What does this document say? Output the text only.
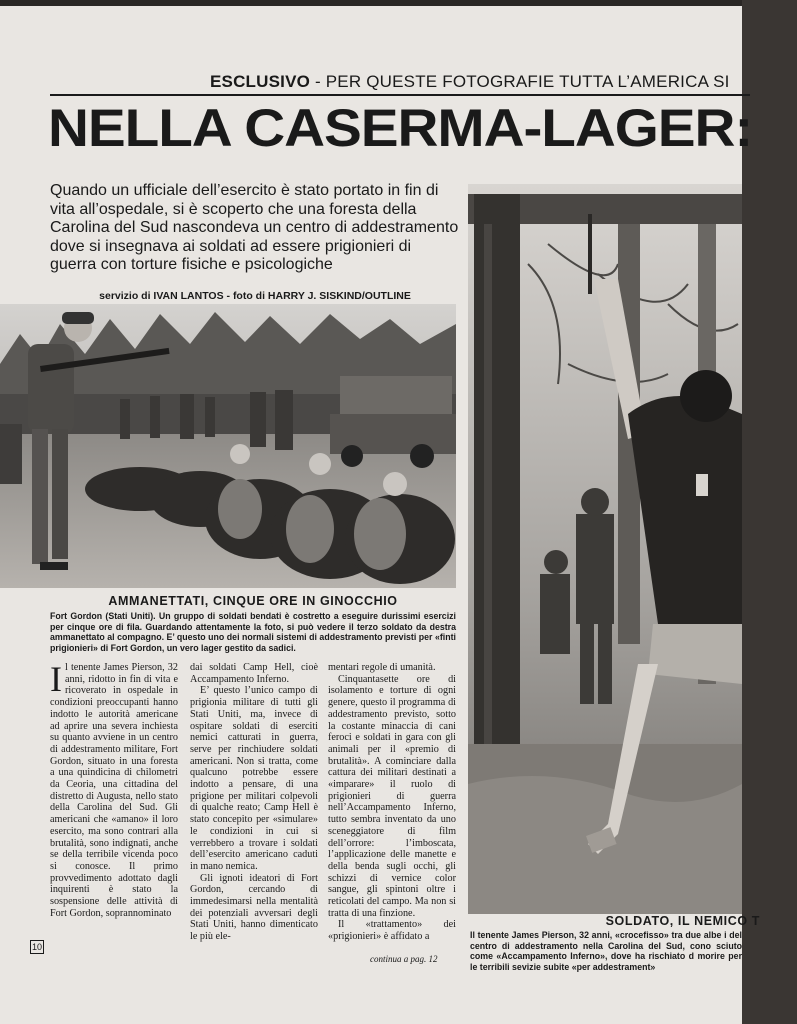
ESCLUSIVO - PER QUESTE FOTOGRAFIE TUTTA L’AMERICA SI
NELLA CASERMA-LAGER:

Quando un ufficiale dell’esercito è stato portato in fin di vita all’ospedale, si è scoperto che una foresta della Carolina del Sud nascondeva un centro di addestramento dove si insegnava ai soldati ad essere prigionieri di guerra con torture fisiche e psicologiche

servizio di IVAN LANTOS - foto di HARRY J. SISKIND/OUTLINE
AMMANETTATI, CINQUE ORE IN GINOCCHIO

Fort Gordon (Stati Uniti). Un gruppo di soldati bendati è costretto a eseguire durissimi esercizi per cinque ore di fila. Guardando attentamente la foto, si può vedere il terzo soldato da destra ammanettato al compagno. E’ questo uno dei normali sistemi di addestramento previsti per «finti prigionieri» di Fort Gordon, un vero lager gestito da sadici.

Il tenente James Pierson, 32 anni, ridotto in fin di vita e ricoverato in ospedale in condizioni preoccupanti hanno indotto le autorità americane ad aprire una severa inchiesta su quanto avviene in un centro di addestramento militare, Fort Gordon, situato in una foresta a una quindicina di chilometri da Ceoria, una cittadina del distretto di Augusta, nello stato della Carolina del Sud. Gli americani che «amano» il loro esercito, ma sono contrari alla brutalità, sono indignati, anche se della terribile vicenda poco si conosce. Il primo provvedimento adottato dagli inquirenti è stato la sospensione delle attività di Fort Gordon, soprannominato

dai soldati Camp Hell, cioè Accampamento Inferno.

E’ questo l’unico campo di prigionia militare di tutti gli Stati Uniti, ma, invece di ospitare soldati di eserciti nemici catturati in guerra, serve per rinchiudere soldati americani. Non si tratta, come qualcuno potrebbe essere indotto a pensare, di una prigione per militari colpevoli di qualche reato; Camp Hell è stato concepito per «simulare» le condizioni in cui si verrebbero a trovare i soldati dell’esercito americano caduti in mano nemica.

Gli ignoti ideatori di Fort Gordon, cercando di immedesimarsi nella mentalità dei potenziali avversari degli Stati Uniti, hanno dimenticato le più ele-

mentari regole di umanità.

Cinquantasette ore di isolamento e torture di ogni genere, questo il programma di addestramento previsto, sotto la costante minaccia di cani feroci e soldati in gara con gli animali per il «premio di brutalità». A cominciare dalla cattura dei militari destinati a «imparare» il ruolo di prigionieri di guerra nell’Accampamento Inferno, tutto sembra inventato da uno sceneggiatore di film dell’orrore: l’imboscata, l’applicazione delle manette e della benda sugli occhi, gli schizzi di vernice color sangue, gli spintoni oltre i reticolati del campo. Ma non si tratta di una finzione.

Il «trattamento» dei «prigionieri» è affidato a

continua a pag. 12
10
SOLDATO, IL NEMICO T

Il tenente James Pierson, 32 anni, «crocefisso» tra due albe i del centro di addestramento nella Carolina del Sud, cono sciuto come «Accampamento Inferno», dove ha rischiato d morire per le terribili sevizie subite «per addestrament»
